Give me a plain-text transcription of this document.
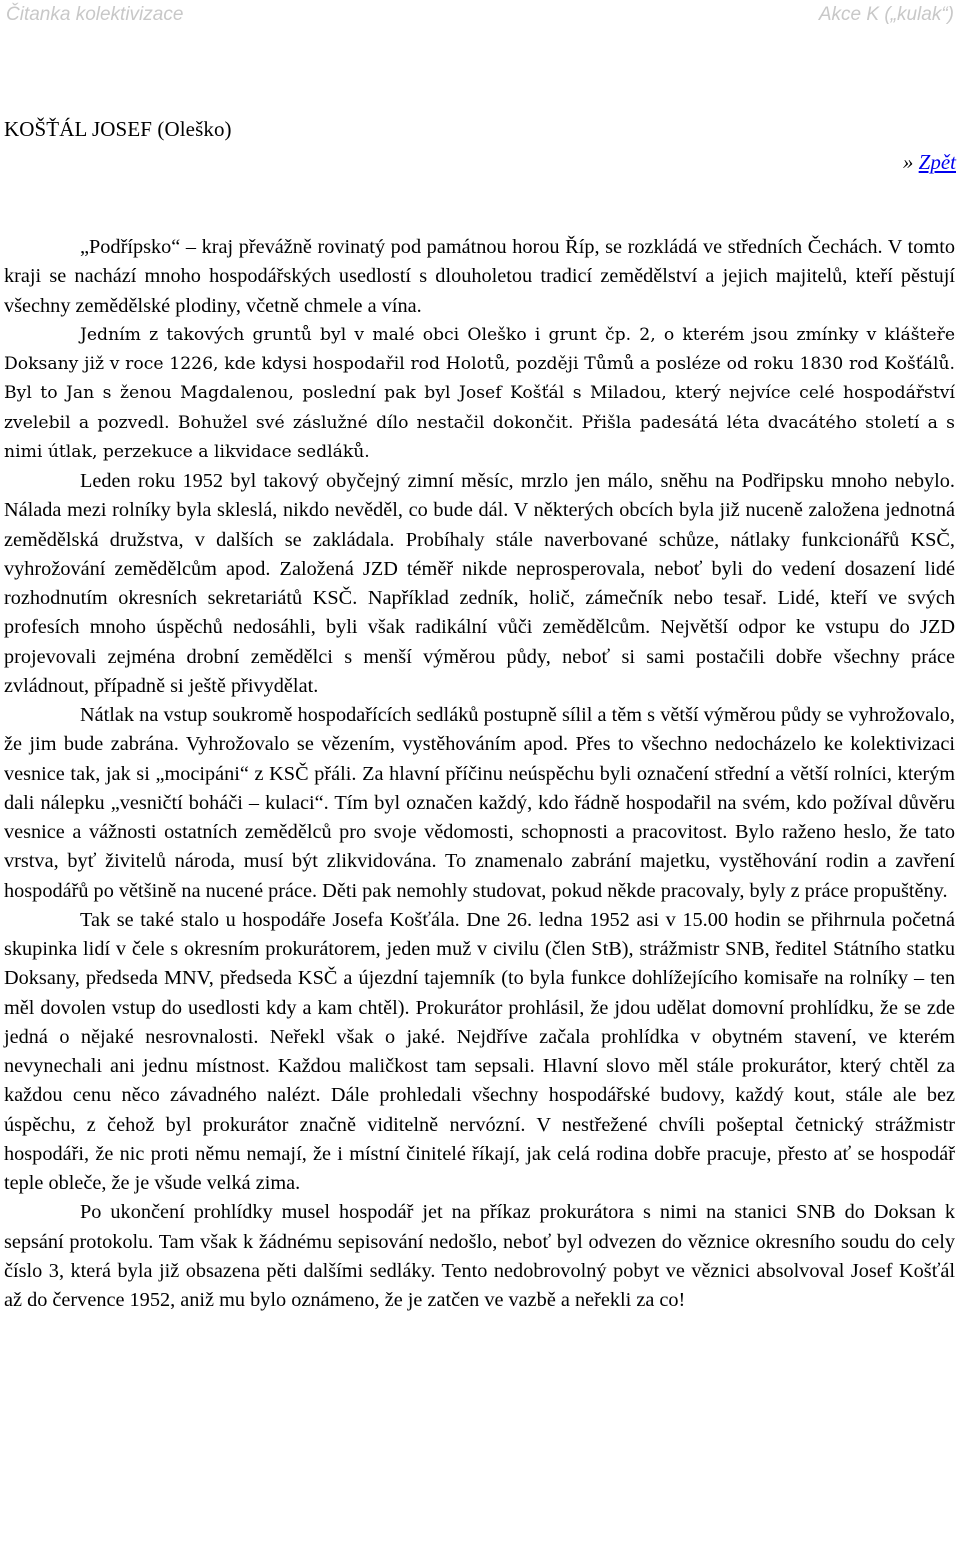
Čitanka kolektivizace	Akce K („kulak“)
KOŠŤÁL JOSEF (Oleško)
» Zpět

„Podřípsko“ – kraj převážně rovinatý pod památnou horou Říp, se rozkládá ve středních Čechách. V tomto kraji se nachází mnoho hospodářských usedlostí s dlouholetou tradicí zemědělství a jejich majitelů, kteří pěstují všechny zemědělské plodiny, včetně chmele a vína.

Jedním z takových gruntů byl v malé obci Oleško i grunt čp. 2, o kterém jsou zmínky v klášteře Doksany již v roce 1226, kde kdysi hospodařil rod Holotů, později Tůmů a posléze od roku 1830 rod Košťálů. Byl to Jan s ženou Magdalenou, poslední pak byl Josef Košťál s Miladou, který nejvíce celé hospodářství zvelebil a pozvedl. Bohužel své záslužné dílo nestačil dokončit. Přišla padesátá léta dvacátého století a s nimi útlak, perzekuce a likvidace sedláků.

Leden roku 1952 byl takový obyčejný zimní měsíc, mrzlo jen málo, sněhu na Podřipsku mnoho nebylo. Nálada mezi rolníky byla skleslá, nikdo nevěděl, co bude dál. V některých obcích byla již nuceně založena jednotná zemědělská družstva, v dalších se zakládala. Probíhaly stále naverbované schůze, nátlaky funkcionářů KSČ, vyhrožování zemědělcům apod. Založená JZD téměř nikde neprosperovala, neboť byli do vedení dosazení lidé rozhodnutím okresních sekretariátů KSČ. Například zedník, holič, zámečník nebo tesař. Lidé, kteří ve svých profesích mnoho úspěchů nedosáhli, byli však radikální vůči zemědělcům. Největší odpor ke vstupu do JZD projevovali zejména drobní zemědělci s menší výměrou půdy, neboť si sami postačili dobře všechny práce zvládnout, případně si ještě přivydělat.

Nátlak na vstup soukromě hospodařících sedláků postupně sílil a těm s větší výměrou půdy se vyhrožovalo, že jim bude zabrána. Vyhrožovalo se vězením, vystěhováním apod. Přes to všechno nedocházelo ke kolektivizaci vesnice tak, jak si „mocipáni“ z KSČ přáli. Za hlavní příčinu neúspěchu byli označení střední a větší rolníci, kterým dali nálepku „vesničtí boháči – kulaci“. Tím byl označen každý, kdo řádně hospodařil na svém, kdo požíval důvěru vesnice a vážnosti ostatních zemědělců pro svoje vědomosti, schopnosti a pracovitost. Bylo raženo heslo, že tato vrstva, byť živitelů národa, musí být zlikvidována. To znamenalo zabrání majetku, vystěhování rodin a zavření hospodářů po většině na nucené práce. Děti pak nemohly studovat, pokud někde pracovaly, byly z práce propuštěny.

Tak se také stalo u hospodáře Josefa Košťála. Dne 26. ledna 1952 asi v 15.00 hodin se přihrnula početná skupinka lidí v čele s okresním prokurátorem, jeden muž v civilu (člen StB), strážmistr SNB, ředitel Státního statku Doksany, předseda MNV, předseda KSČ a újezdní tajemník (to byla funkce dohlížejícího komisaře na rolníky – ten měl dovolen vstup do usedlosti kdy a kam chtěl). Prokurátor prohlásil, že jdou udělat domovní prohlídku, že se zde jedná o nějaké nesrovnalosti. Neřekl však o jaké. Nejdříve začala prohlídka v obytném stavení, ve kterém nevynechali ani jednu místnost. Každou maličkost tam sepsali. Hlavní slovo měl stále prokurátor, který chtěl za každou cenu něco závadného nalézt. Dále prohledali všechny hospodářské budovy, každý kout, stále ale bez úspěchu, z čehož byl prokurátor značně viditelně nervózní. V nestřežené chvíli pošeptal četnický strážmistr hospodáři, že nic proti němu nemají, že i místní činitelé říkají, jak celá rodina dobře pracuje, přesto ať se hospodář teple obleče, že je všude velká zima.

Po ukončení prohlídky musel hospodář jet na příkaz prokurátora s nimi na stanici SNB do Doksan k sepsání protokolu. Tam však k žádnému sepisování nedošlo, neboť byl odvezen do věznice okresního soudu do cely číslo 3, která byla již obsazena pěti dalšími sedláky. Tento nedobrovolný pobyt ve věznici absolvoval Josef Košťál až do července 1952, aniž mu bylo oznámeno, že je zatčen ve vazbě a neřekli za co!
